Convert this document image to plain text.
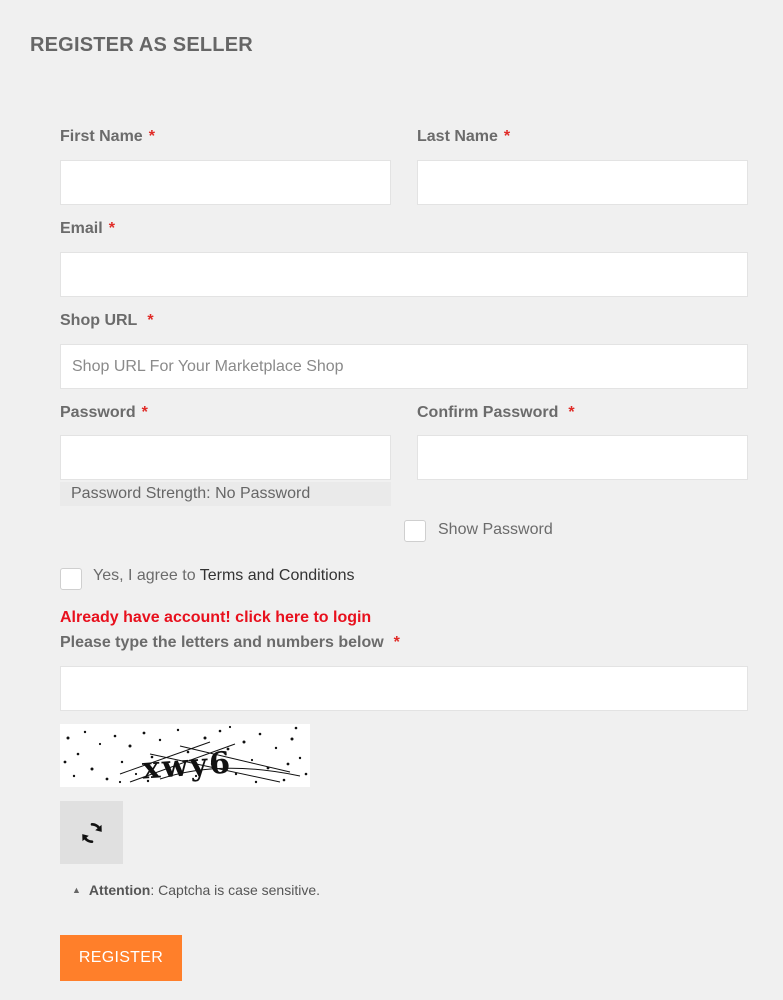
REGISTER AS SELLER
First Name *	Last Name *
Email *
Shop URL *
Shop URL For Your Marketplace Shop
Password *
Password Strength: No Password
Confirm Password *
Show Password
Yes, I agree to Terms and Conditions
Already have account! click here to login
Please type the letters and numbers below *
xwy6
▲ Attention: Captcha is case sensitive.
REGISTER
